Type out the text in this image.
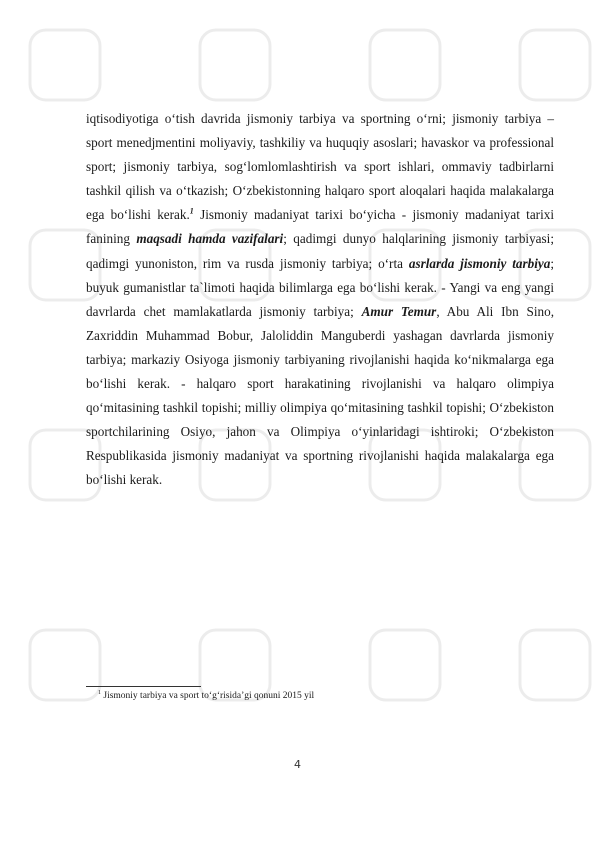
iqtisodiyotiga o‘tish davrida jismoniy tarbiya va sportning o‘rni; jismoniy tarbiya – sport menedjmentini moliyaviy, tashkiliy va huquqiy asoslari; havaskor va professional sport; jismoniy tarbiya, sog‘lomlomlashtirish va sport ishlari, ommaviy tadbirlarni tashkil qilish va o‘tkazish; O‘zbekistonning halqaro sport aloqalari haqida malakalarga ega bo‘lishi kerak.$^1$ Jismoniy madaniyat tarixi bo‘yicha - jismoniy madaniyat tarixi fanining maqsadi hamda vazifalari; qadimgi dunyo halqlarining jismoniy tarbiyasi; qadimgi yunoniston, rim va rusda jismoniy tarbiya; o‘rta asrlarda jismoniy tarbiya; buyuk gumanistlar ta`limoti haqida bilimlarga ega bo‘lishi kerak. - Yangi va eng yangi davrlarda chet mamlakatlarda jismoniy tarbiya; Amur Temur, Abu Ali Ibn Sino, Zaxriddin Muhammad Bobur, Jaloliddin Manguberdi yashagan davrlarda jismoniy tarbiya; markaziy Osiyoga jismoniy tarbiyaning rivojlanishi haqida ko‘nikmalarga ega bo‘lishi kerak. - halqaro sport harakatining rivojlanishi va halqaro olimpiya qo‘mitasining tashkil topishi; milliy olimpiya qo‘mitasining tashkil topishi; O‘zbekiston sportchilarining Osiyo, jahon va Olimpiya o‘yinlaridagi ishtiroki; O‘zbekiston Respublikasida jismoniy madaniyat va sportning rivojlanishi haqida malakalarga ega bo‘lishi kerak.

$^1$ Jismoniy tarbiya va sport to‘g‘risida’gi qonuni 2015 yil
4
